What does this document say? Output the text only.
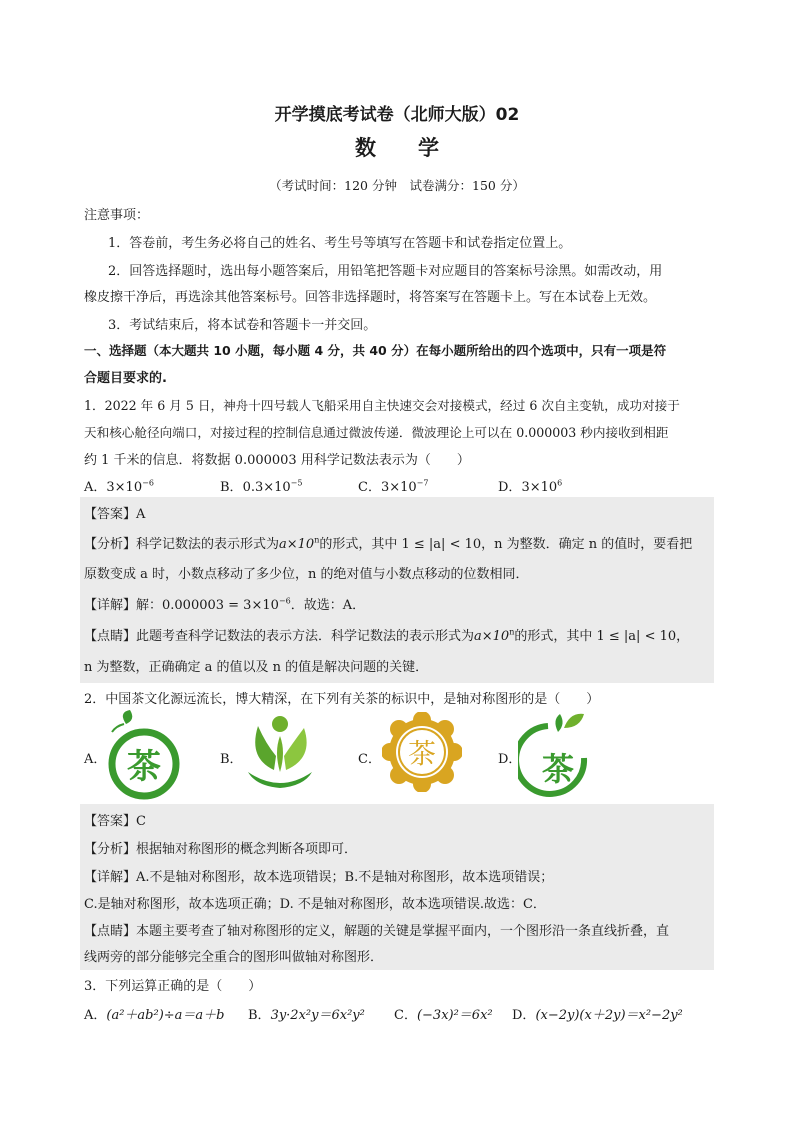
开学摸底考试卷（北师大版）02
数学
（考试时间：120 分钟　试卷满分：150 分）
注意事项：
1．答卷前，考生务必将自己的姓名、考生号等填写在答题卡和试卷指定位置上。
2．回答选择题时，选出每小题答案后，用铅笔把答题卡对应题目的答案标号涂黑。如需改动，用
橡皮擦干净后，再选涂其他答案标号。回答非选择题时，将答案写在答题卡上。写在本试卷上无效。
3．考试结束后，将本试卷和答题卡一并交回。
一、选择题（本大题共 10 小题，每小题 4 分，共 40 分）在每小题所给出的四个选项中，只有一项是符
合题目要求的.
1．2022 年 6 月 5 日，神舟十四号载人飞船采用自主快速交会对接模式，经过 6 次自主变轨，成功对接于
天和核心舱径向端口，对接过程的控制信息通过微波传递．微波理论上可以在 0.000003 秒内接收到相距
约 1 千米的信息．将数据 0.000003 用科学记数法表示为（　　）
A．$3\times 10^{-6}$	B．$0.3\times 10^{-5}$	C．$3\times 10^{-7}$	D．$3\times 10^6$
【答案】A
【分析】科学记数法的表示形式为$a\times 10^n$的形式，其中 1 ≤ |a| < 10，n 为整数．确定 n 的值时，要看把
原数变成 a 时，小数点移动了多少位，n 的绝对值与小数点移动的位数相同．
【详解】解：$0.000003 = 3\times 10^{-6}$．故选：A．
【点睛】此题考查科学记数法的表示方法．科学记数法的表示形式为$a\times 10^n$的形式，其中 1 ≤ |a| < 10，
n 为整数，正确确定 a 的值以及 n 的值是解决问题的关键．
2．中国茶文化源远流长，博大精深，在下列有关茶的标识中，是轴对称图形的是（　　）
A．	B．	C．	D．
茶	茶	茶
【答案】C
【分析】根据轴对称图形的概念判断各项即可．
【详解】A.不是轴对称图形，故本选项错误；B.不是轴对称图形，故本选项错误；
C.是轴对称图形，故本选项正确；D. 不是轴对称图形，故本选项错误.故选：C．
【点睛】本题主要考查了轴对称图形的定义，解题的关键是掌握平面内，一个图形沿一条直线折叠，直
线两旁的部分能够完全重合的图形叫做轴对称图形．
3．下列运算正确的是（　　）
A．(a²＋ab²)÷a＝a＋b B．3y·2x²y＝6x²y² C．(−3x)²＝6x² D．(x−2y)(x＋2y)＝x²−2y²
